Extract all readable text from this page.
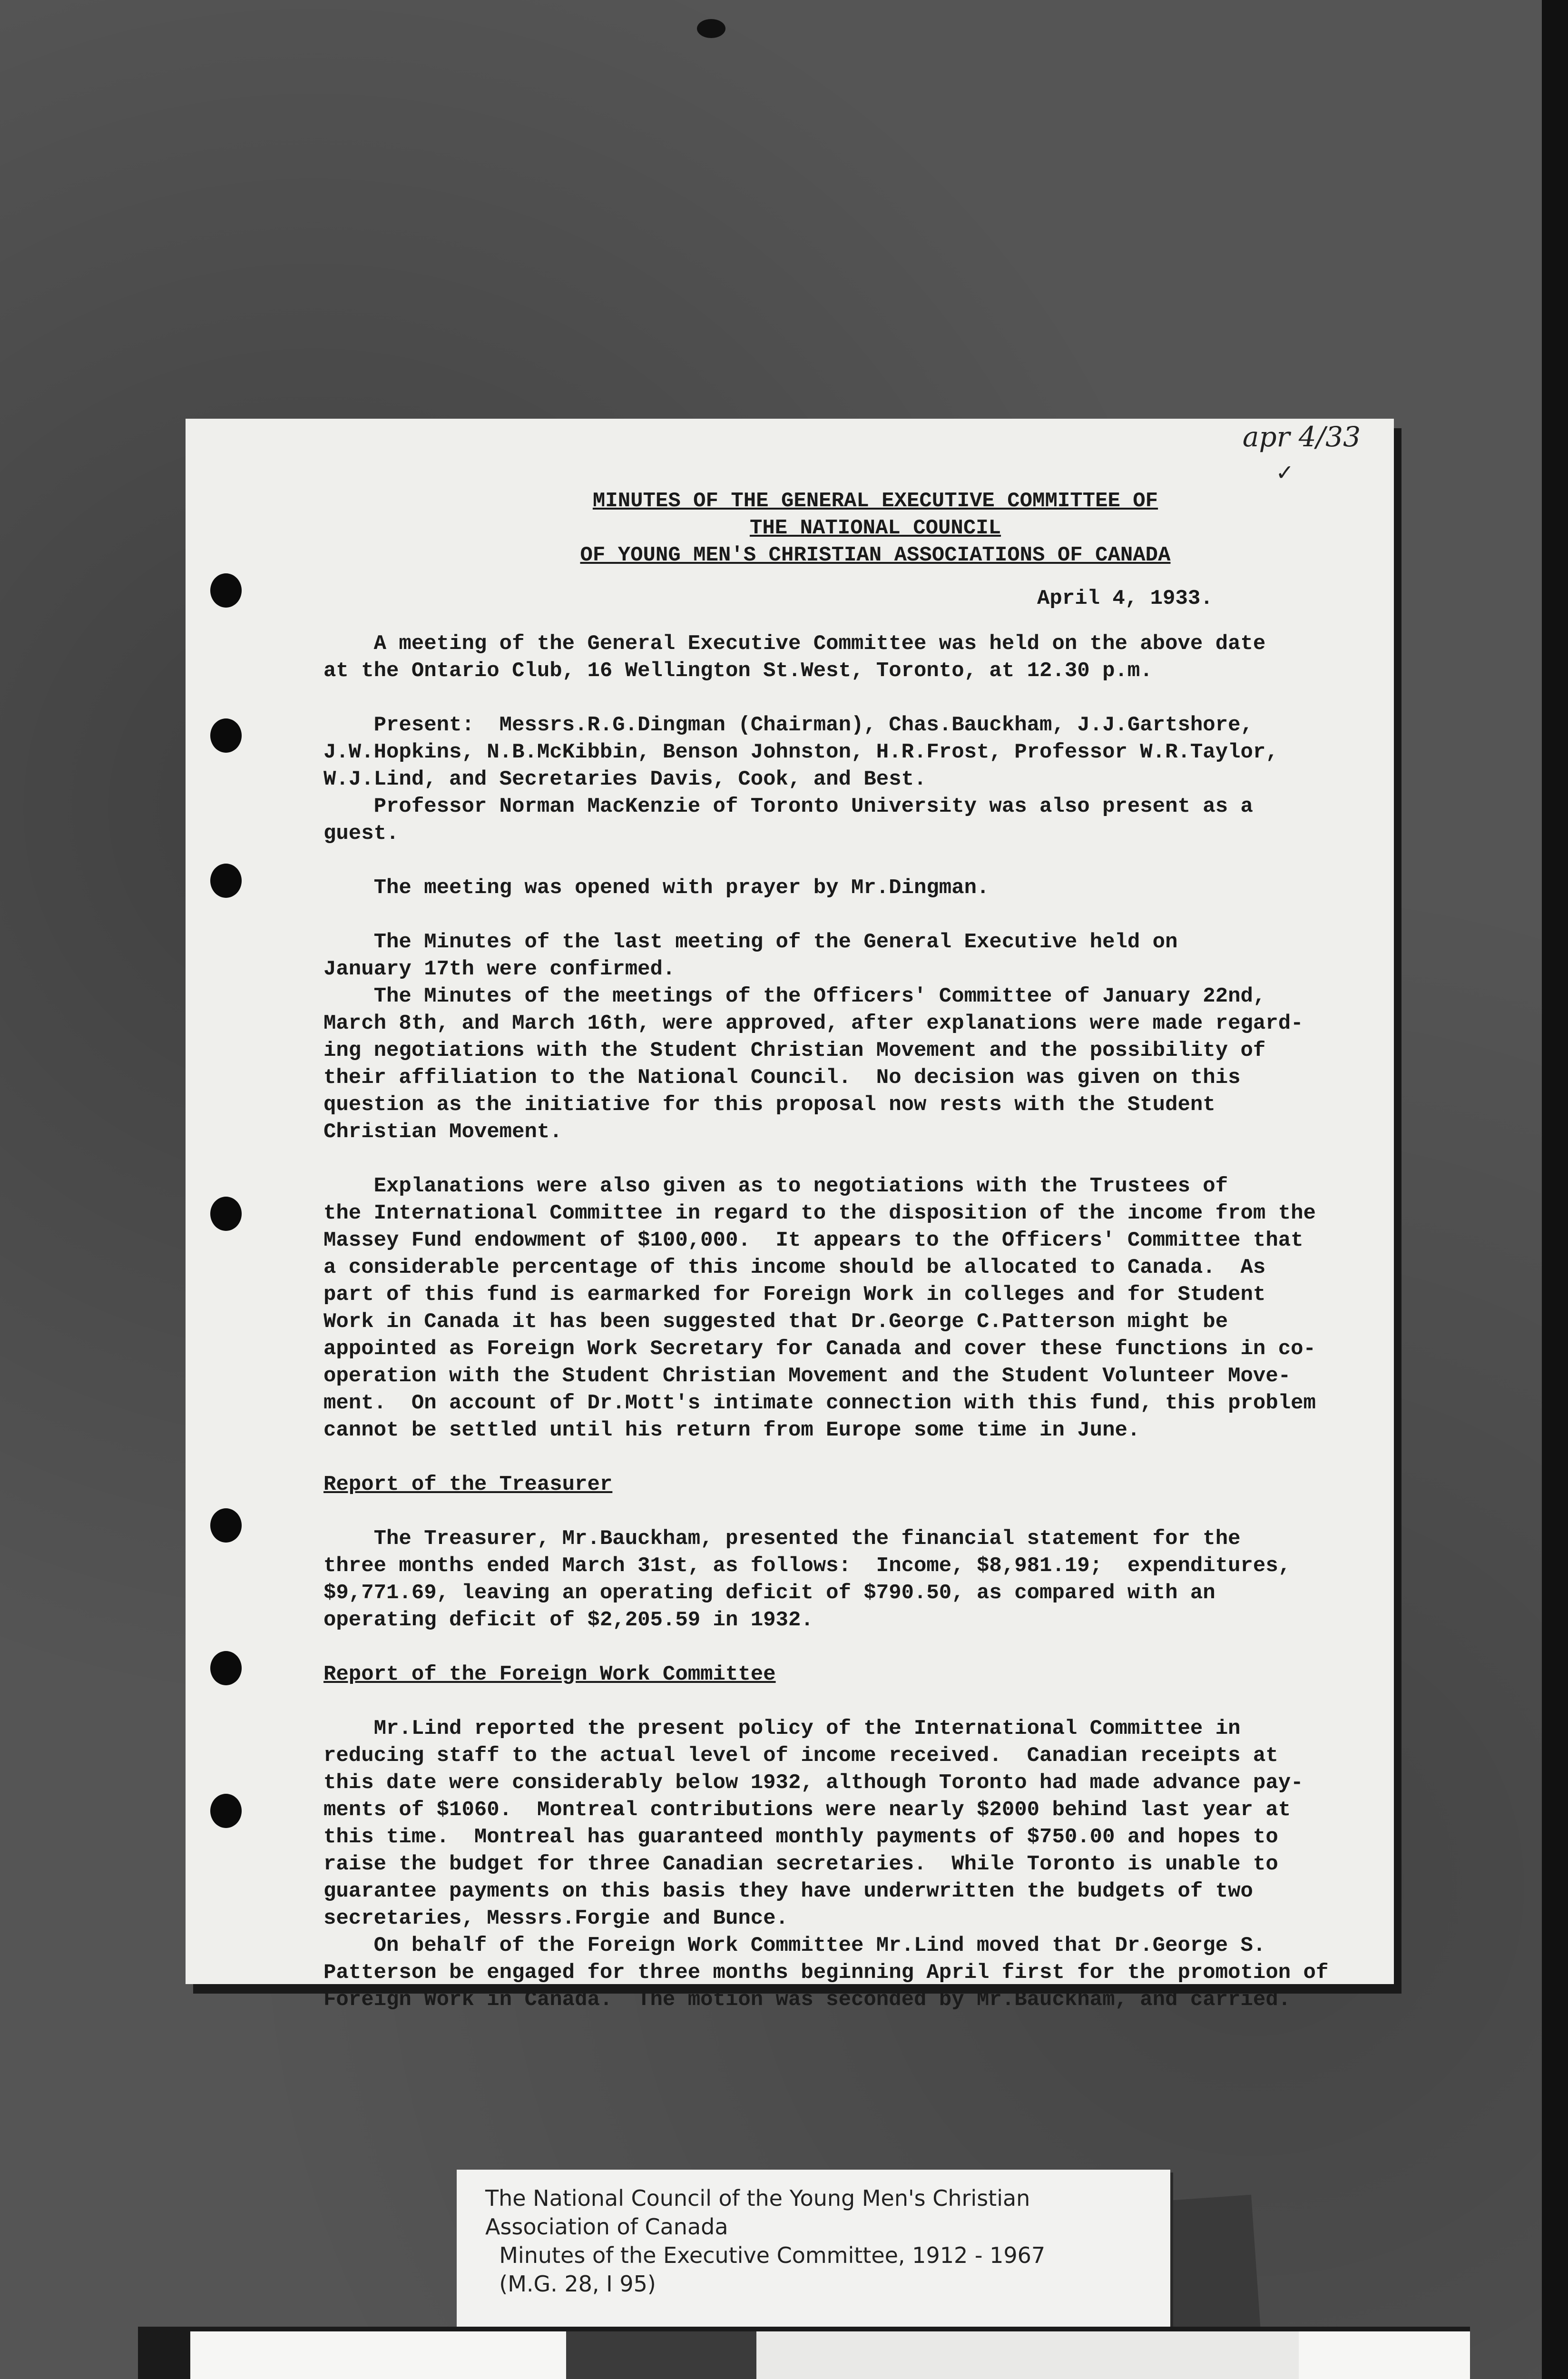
apr 4/33
✓
MINUTES OF THE GENERAL EXECUTIVE COMMITTEE OF
THE NATIONAL COUNCIL
OF YOUNG MEN'S CHRISTIAN ASSOCIATIONS OF CANADA
April 4, 1933.
A meeting of the General Executive Committee was held on the above date
at the Ontario Club, 16 Wellington St.West, Toronto, at 12.30 p.m.
Present:  Messrs.R.G.Dingman (Chairman), Chas.Bauckham, J.J.Gartshore,
J.W.Hopkins, N.B.McKibbin, Benson Johnston, H.R.Frost, Professor W.R.Taylor,
W.J.Lind, and Secretaries Davis, Cook, and Best.
Professor Norman MacKenzie of Toronto University was also present as a
guest.
The meeting was opened with prayer by Mr.Dingman.
The Minutes of the last meeting of the General Executive held on
January 17th were confirmed.
The Minutes of the meetings of the Officers' Committee of January 22nd,
March 8th, and March 16th, were approved, after explanations were made regard-
ing negotiations with the Student Christian Movement and the possibility of
their affiliation to the National Council.  No decision was given on this
question as the initiative for this proposal now rests with the Student
Christian Movement.
Explanations were also given as to negotiations with the Trustees of
the International Committee in regard to the disposition of the income from the
Massey Fund endowment of $100,000.  It appears to the Officers' Committee that
a considerable percentage of this income should be allocated to Canada.  As
part of this fund is earmarked for Foreign Work in colleges and for Student
Work in Canada it has been suggested that Dr.George C.Patterson might be
appointed as Foreign Work Secretary for Canada and cover these functions in co-
operation with the Student Christian Movement and the Student Volunteer Move-
ment.  On account of Dr.Mott's intimate connection with this fund, this problem
cannot be settled until his return from Europe some time in June.
Report of the Treasurer
The Treasurer, Mr.Bauckham, presented the financial statement for the
three months ended March 31st, as follows:  Income, $8,981.19;  expenditures,
$9,771.69, leaving an operating deficit of $790.50, as compared with an
operating deficit of $2,205.59 in 1932.
Report of the Foreign Work Committee
Mr.Lind reported the present policy of the International Committee in
reducing staff to the actual level of income received.  Canadian receipts at
this date were considerably below 1932, although Toronto had made advance pay-
ments of $1060.  Montreal contributions were nearly $2000 behind last year at
this time.  Montreal has guaranteed monthly payments of $750.00 and hopes to
raise the budget for three Canadian secretaries.  While Toronto is unable to
guarantee payments on this basis they have underwritten the budgets of two
secretaries, Messrs.Forgie and Bunce.
On behalf of the Foreign Work Committee Mr.Lind moved that Dr.George S.
Patterson be engaged for three months beginning April first for the promotion of
Foreign Work in Canada.  The motion was seconded by Mr.Bauckham, and carried.
The National Council of the Young Men's Christian
Association of Canada
Minutes of the Executive Committee, 1912 - 1967
(M.G. 28, I 95)
